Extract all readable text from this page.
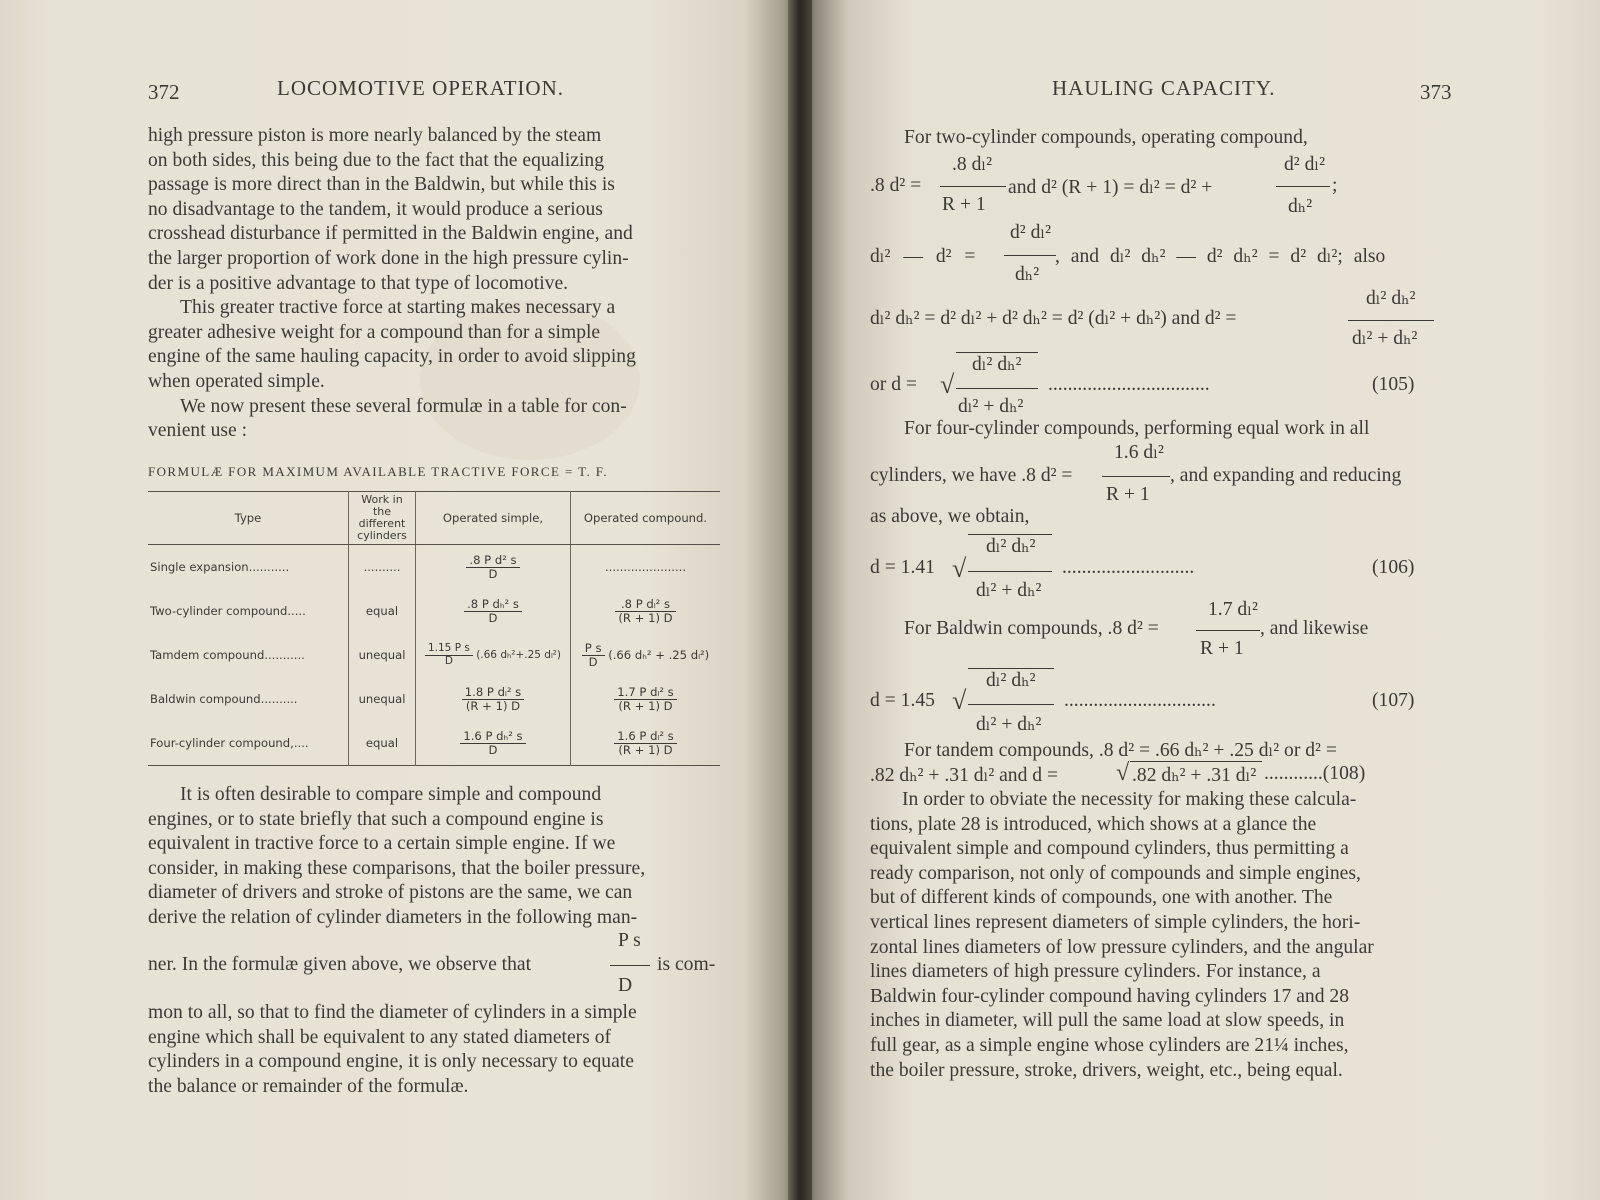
372	LOCOMOTIVE OPERATION.
high pressure piston is more nearly balanced by the steam
on both sides, this being due to the fact that the equalizing
passage is more direct than in the Baldwin, but while this is
no disadvantage to the tandem, it would produce a serious
crosshead disturbance if permitted in the Baldwin engine, and
the larger proportion of work done in the high pressure cylin-
der is a positive advantage to that type of locomotive.
This greater tractive force at starting makes necessary a
greater adhesive weight for a compound than for a simple
engine of the same hauling capacity, in order to avoid slipping
when operated simple.
We now present these several formulæ in a table for con-
venient use :
FORMULÆ FOR MAXIMUM AVAILABLE TRACTIVE FORCE = T. F.
Type	Work in the different cylinders	Operated simple,	Operated compound.
Single expansion...........	..........	$\frac{\text{.8 P d² s}}{D}$	......................
Two-cylinder compound.....	equal	$\frac{\text{.8 P dₕ² s}}{D}$	$\frac{\text{.8 P dₗ² s}}{(R + 1) D}$

Tamdem compound...........	unequal	$\frac{\text{1.15 P s}}{D} (.66$ dₕ²+.25 dₗ²)	$\frac{\text{P s}}{D} (.66$ dₕ² + .25 dₗ²)
Baldwin compound..........	unequal	$\frac{\text{1.8 P dₗ² s}}{(R + 1) D}$	$\frac{\text{1.7 P dₗ² s}}{(R + 1) D}$

Four-cylinder compound,....	equal	$\frac{\text{1.6 P dₕ² s}}{D}$	$\frac{\text{1.6 P dₗ² s}}{(R + 1) D}$
It is often desirable to compare simple and compound
engines, or to state briefly that such a compound engine is
equivalent in tractive force to a certain simple engine. If we
consider, in making these comparisons, that the boiler pressure,
diameter of drivers and stroke of pistons are the same, we can
derive the relation of cylinder diameters in the following man-
P s
D
ner. In the formulæ given above, we observe that	is com-
mon to all, so that to find the diameter of cylinders in a simple
engine which shall be equivalent to any stated diameters of
cylinders in a compound engine, it is only necessary to equate
the balance or remainder of the formulæ.
HAULING CAPACITY.	373
For two-cylinder compounds, operating compound,
.8 dₗ²
R + 1
.8 d² =	and d² (R + 1) = dₗ² = d² +
d² dₗ²
dₕ²
;
dₗ² — d² =
d² dₗ²
dₕ²
, and dₗ² dₕ² — d² dₕ² = d² dₗ²; also
dₗ² dₕ² = d² dₗ² + d² dₕ² = d² (dₗ² + dₕ²) and d² =
dₗ² dₕ²
dₗ² + dₕ²
or d = √
dₗ² dₕ²
dₗ² + dₕ²
.................................	(105)
For four-cylinder compounds, performing equal work in all
cylinders, we have .8 d² =
1.6 dₗ²
R + 1
, and expanding and reducing
as above, we obtain,
d = 1.41 √
dₗ² dₕ²
dₗ² + dₕ²
...........................	(106)
For Baldwin compounds, .8 d² =
1.7 dₗ²
R + 1
, and likewise
d = 1.45 √
dₗ² dₕ²
dₗ² + dₕ²
...............................	(107)
For tandem compounds, .8 d² = .66 dₕ² + .25 dₗ² or d² =
.82 dₕ² + .31 dₗ² and d = √ .82 dₕ² + .31 dₗ² ............(108)
In order to obviate the necessity for making these calcula-
tions, plate 28 is introduced, which shows at a glance the
equivalent simple and compound cylinders, thus permitting a
ready comparison, not only of compounds and simple engines,
but of different kinds of compounds, one with another. The
vertical lines represent diameters of simple cylinders, the hori-
zontal lines diameters of low pressure cylinders, and the angular
lines diameters of high pressure cylinders. For instance, a
Baldwin four-cylinder compound having cylinders 17 and 28
inches in diameter, will pull the same load at slow speeds, in
full gear, as a simple engine whose cylinders are 21¼ inches,
the boiler pressure, stroke, drivers, weight, etc., being equal.
